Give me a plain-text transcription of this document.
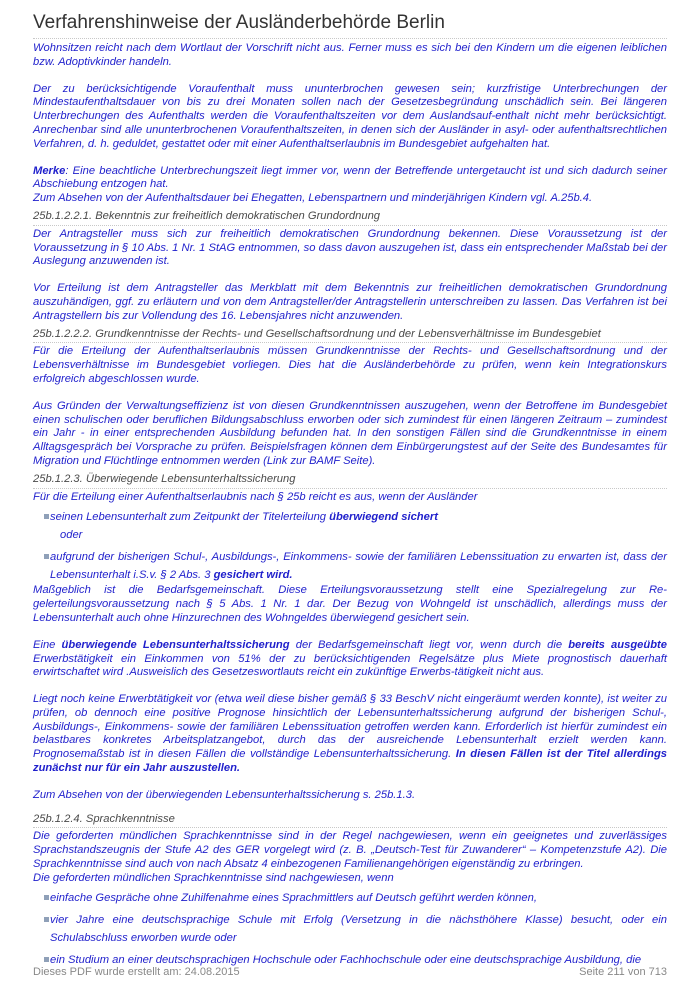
Verfahrenshinweise der Ausländerbehörde Berlin

Wohnsitzen reicht nach dem Wortlaut der Vorschrift nicht aus. Ferner muss es sich bei den Kindern um die eigenen leiblichen bzw. Adoptivkinder handeln.

Der zu berücksichtigende Voraufenthalt muss ununterbrochen gewesen sein; kurzfristige Unterbrechungen der Mindestaufenthaltsdauer von bis zu drei Monaten sollen nach der Gesetzesbegründung unschädlich sein. Bei längeren Unterbrechungen des Aufenthalts werden die Voraufenthaltszeiten vor dem Auslandsauf-enthalt nicht mehr berücksichtigt. Anrechenbar sind alle ununterbrochenen Voraufenthaltszeiten, in denen sich der Ausländer in asyl- oder aufenthaltsrechtlichen Verfahren, d. h. geduldet, gestattet oder mit einer Aufenthaltserlaubnis im Bundesgebiet aufgehalten hat.

Merke: Eine beachtliche Unterbrechungszeit liegt immer vor, wenn der Betreffende untergetaucht ist und sich dadurch seiner Abschiebung entzogen hat.

Zum Absehen von der Aufenthaltsdauer bei Ehegatten, Lebenspartnern und minderjährigen Kindern vgl. A.25b.4.

25b.1.2.2.1. Bekenntnis zur freiheitlich demokratischen Grundordnung

Der Antragsteller muss sich zur freiheitlich demokratischen Grundordnung bekennen. Diese Voraussetzung ist der Voraussetzung in § 10 Abs. 1 Nr. 1 StAG entnommen, so dass davon auszugehen ist, dass ein entsprechender Maßstab bei der Auslegung anzuwenden ist.

Vor Erteilung ist dem Antragsteller das Merkblatt mit dem Bekenntnis zur freiheitlichen demokratischen Grundordnung auszuhändigen, ggf. zu erläutern und von dem Antragsteller/der Antragstellerin unterschreiben zu lassen. Das Verfahren ist bei Antragstellern bis zur Vollendung des 16. Lebensjahres nicht anzuwenden.

25b.1.2.2.2. Grundkenntnisse der Rechts- und Gesellschaftsordnung und der Lebensverhältnisse im Bundesgebiet

Für die Erteilung der Aufenthaltserlaubnis müssen Grundkenntnisse der Rechts- und Gesellschaftsordnung und der Lebensverhältnisse im Bundesgebiet vorliegen. Dies hat die Ausländerbehörde zu prüfen, wenn kein Integrationskurs erfolgreich abgeschlossen wurde.

Aus Gründen der Verwaltungseffizienz ist von diesen Grundkenntnissen auszugehen, wenn der Betroffene im Bundesgebiet einen schulischen oder beruflichen Bildungsabschluss erworben oder sich zumindest für einen längeren Zeitraum – zumindest ein Jahr - in einer entsprechenden Ausbildung befunden hat. In den sonstigen Fällen sind die Grundkenntnisse in einem Alltagsgespräch bei Vorsprache zu prüfen. Beispielsfragen können dem Einbürgerungstest auf der Seite des Bundesamtes für Migration und Flüchtlinge entnommen werden (Link zur BAMF Seite).

25b.1.2.3. Überwiegende Lebensunterhaltssicherung

Für die Erteilung einer Aufenthaltserlaubnis nach § 25b reicht es aus, wenn der Ausländer

seinen Lebensunterhalt zum Zeitpunkt der Titelerteilung überwiegend sichert
oder
aufgrund der bisherigen Schul-, Ausbildungs-, Einkommens- sowie der familiären Lebenssituation zu erwarten ist, dass der Lebensunterhalt i.S.v. § 2 Abs. 3 gesichert wird.

Maßgeblich ist die Bedarfsgemeinschaft. Diese Erteilungsvoraussetzung stellt eine Spezialregelung zur Re-gelerteilungsvoraussetzung nach § 5 Abs. 1 Nr. 1 dar. Der Bezug von Wohngeld ist unschädlich, allerdings muss der Lebensunterhalt auch ohne Hinzurechnen des Wohngeldes überwiegend gesichert sein.

Eine überwiegende Lebensunterhaltssicherung der Bedarfsgemeinschaft liegt vor, wenn durch die bereits ausgeübte Erwerbstätigkeit ein Einkommen von 51% der zu berücksichtigenden Regelsätze plus Miete prognostisch dauerhaft erwirtschaftet wird .Ausweislich des Gesetzeswortlauts reicht ein zukünftige Erwerbs-tätigkeit nicht aus.

Liegt noch keine Erwerbtätigkeit vor (etwa weil diese bisher gemäß § 33 BeschV nicht eingeräumt werden konnte), ist weiter zu prüfen, ob dennoch eine positive Prognose hinsichtlich der Lebensunterhaltssicherung aufgrund der bisherigen Schul-, Ausbildungs-, Einkommens- sowie der familiären Lebenssituation getroffen werden kann. Erforderlich ist hierfür zumindest ein belastbares konkretes Arbeitsplatzangebot, durch das der ausreichende Lebensunterhalt erzielt werden kann. Prognosemaßstab ist in diesen Fällen die vollständige Lebensunterhaltssicherung. In diesen Fällen ist der Titel allerdings zunächst nur für ein Jahr auszustellen.

Zum Absehen von der überwiegenden Lebensunterhaltssicherung s. 25b.1.3.

25b.1.2.4. Sprachkenntnisse

Die geforderten mündlichen Sprachkenntnisse sind in der Regel nachgewiesen, wenn ein geeignetes und zuverlässiges Sprachstandszeugnis der Stufe A2 des GER vorgelegt wird (z. B. „Deutsch-Test für Zuwanderer“ – Kompetenzstufe A2). Die Sprachkenntnisse sind auch von nach Absatz 4 einbezogenen Familienangehörigen eigenständig zu erbringen.

Die geforderten mündlichen Sprachkenntnisse sind nachgewiesen, wenn

einfache Gespräche ohne Zuhilfenahme eines Sprachmittlers auf Deutsch geführt werden können,
vier Jahre eine deutschsprachige Schule mit Erfolg (Versetzung in die nächsthöhere Klasse) besucht, oder ein Schulabschluss erworben wurde oder
ein Studium an einer deutschsprachigen Hochschule oder Fachhochschule oder eine deutschsprachige Ausbildung, die
Dieses PDF wurde erstellt am: 24.08.2015	Seite 211 von 713
